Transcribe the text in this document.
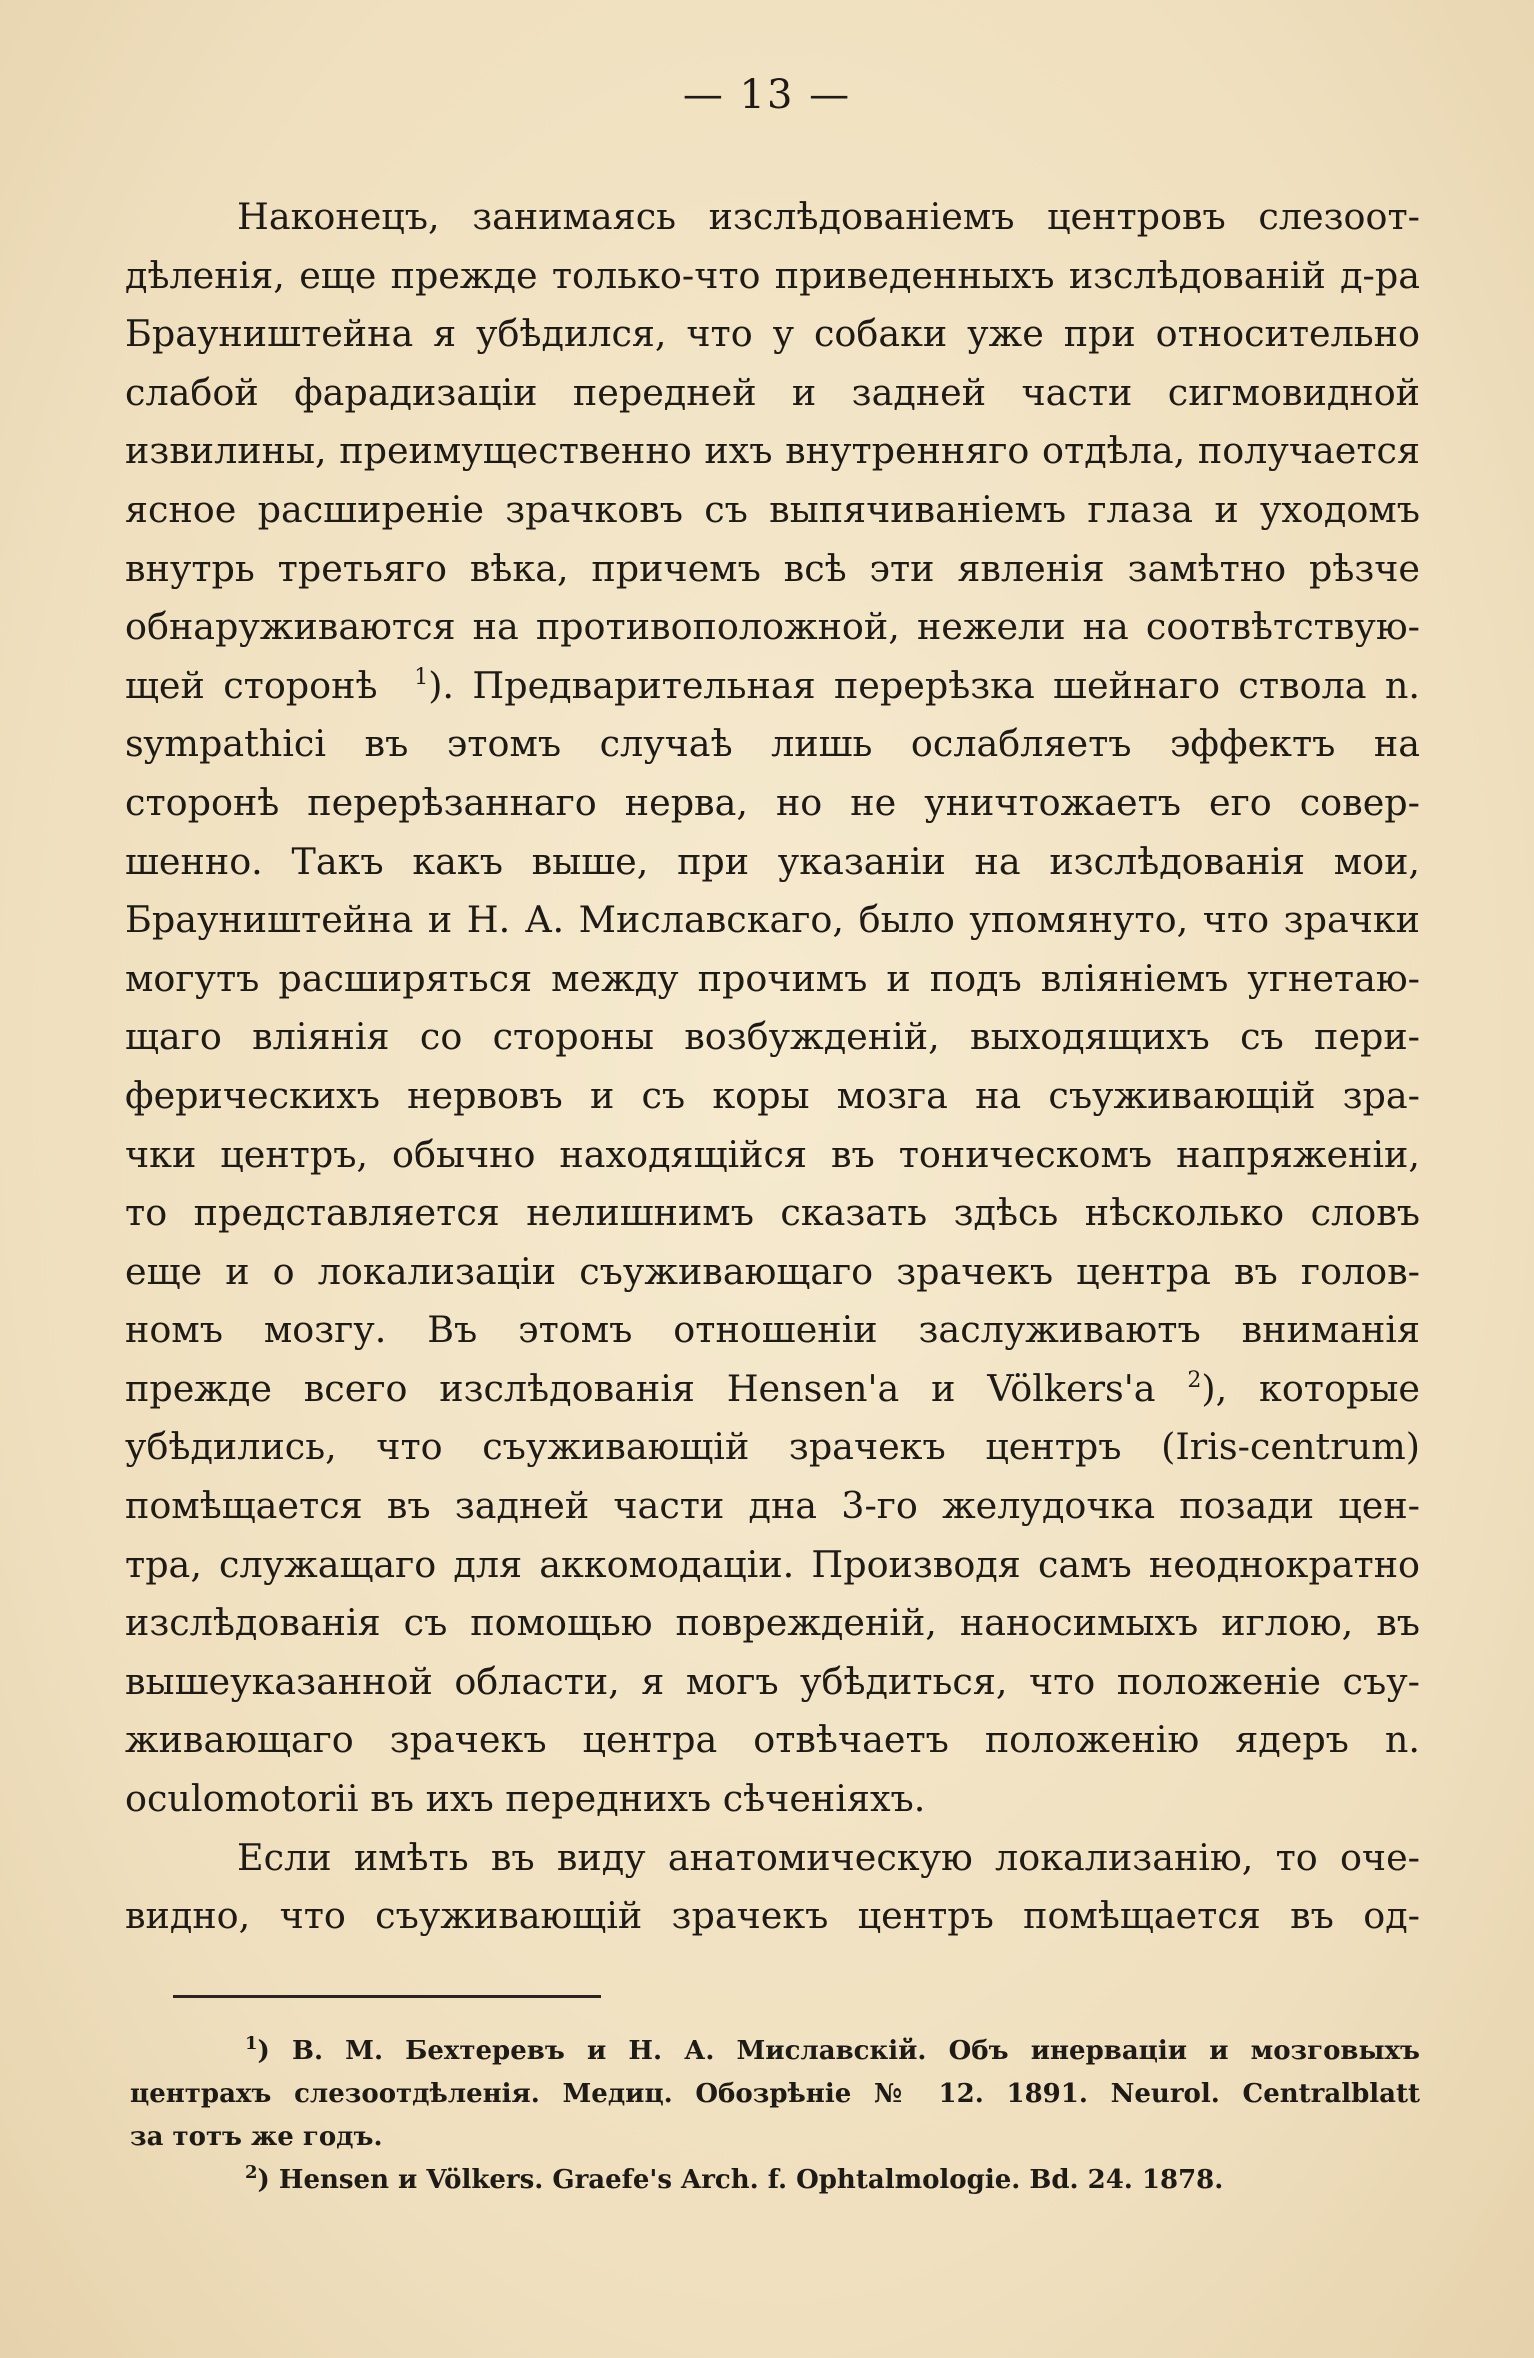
— 13 —
Наконецъ, занимаясь изслѣдованіемъ центровъ слезоот-
дѣленія, еще прежде только-что приведенныхъ изслѣдованій д-ра
Брауништейна я убѣдился, что у собаки уже при относительно
слабой фарадизаціи передней и задней части сигмовидной
извилины, преимущественно ихъ внутренняго отдѣла, получается
ясное расширеніе зрачковъ съ выпячиваніемъ глаза и уходомъ
внутрь третьяго вѣка, причемъ всѣ эти явленія замѣтно рѣзче
обнаруживаются на противоположной, нежели на соотвѣтствую-
щей сторонѣ $^1$). Предварительная перерѣзка шейнаго ствола n.
sympathici въ этомъ случаѣ лишь ослабляетъ эффектъ на
сторонѣ перерѣзаннаго нерва, но не уничтожаетъ его совер-
шенно. Такъ какъ выше, при указаніи на изслѣдованія мои,
Брауништейна и Н. А. Миславскаго, было упомянуто, что зрачки
могутъ расширяться между прочимъ и подъ вліяніемъ угнетаю-
щаго вліянія со стороны возбужденій, выходящихъ съ пери-
ферическихъ нервовъ и съ коры мозга на съуживающій зра-
чки центръ, обычно находящійся въ тоническомъ напряженіи,
то представляется нелишнимъ сказать здѣсь нѣсколько словъ
еще и о локализаціи съуживающаго зрачекъ центра въ голов-
номъ мозгу. Въ этомъ отношеніи заслуживаютъ вниманія
прежде всего изслѣдованія Hensen'а и Völkers'а $^2$), которые
убѣдились, что съуживающій зрачекъ центръ (Iris-centrum)
помѣщается въ задней части дна 3-го желудочка позади цен-
тра, служащаго для аккомодаціи. Производя самъ неоднократно
изслѣдованія съ помощью поврежденій, наносимыхъ иглою, въ
вышеуказанной области, я могъ убѣдиться, что положеніе съу-
живающаго зрачекъ центра отвѣчаетъ положенію ядеръ n.
oculomotorii въ ихъ переднихъ сѣченіяхъ.
Если имѣть въ виду анатомическую локализанію, то оче-
видно, что съуживающій зрачекъ центръ помѣщается въ од-
$^1$) В. М. Бехтеревъ и Н. А. Миславскій. Объ инерваціи и мозговыхъ
центрахъ слезоотдѣленія. Медиц. Обозрѣніе № 12. 1891. Neurol. Centralblatt
за тотъ же годъ.
$^2$) Hensen и Völkers. Graefe's Arch. f. Ophtalmologie. Bd. 24. 1878.
